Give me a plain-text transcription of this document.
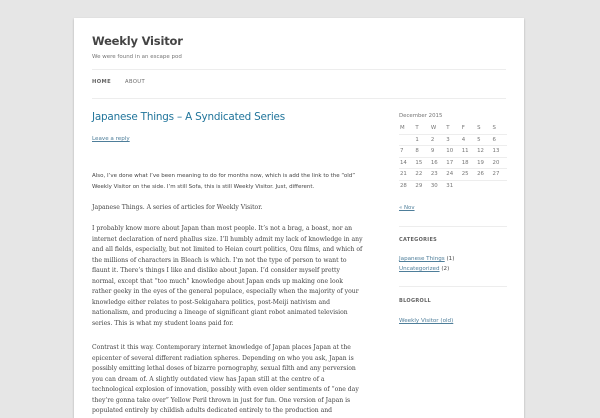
Weekly Visitor
We were found in an escape pod
HOME	ABOUT
Japanese Things – A Syndicated Series
Leave a reply

Also, I’ve done what I’ve been meaning to do for months now, which is add the link to the “old” Weekly Visitor on the side. I’m still Sofa, this is still Weekly Visitor. Just, different.

Japanese Things. A series of articles for Weekly Visitor.

I probably know more about Japan than most people. It’s not a brag, a boast, nor an internet declaration of nerd phallus size. I’ll humbly admit my lack of knowledge in any and all fields, especially, but not limited to Heian court politics, Ozu films, and which of the millions of characters in Bleach is which. I’m not the type of person to want to flaunt it. There’s things I like and dislike about Japan. I’d consider myself pretty normal, except that “too much” knowledge about Japan ends up making one look rather geeky in the eyes of the general populace, especially when the majority of your knowledge either relates to post-Sekigahara politics, post-Meiji nativism and nationalism, and producing a lineage of significant giant robot animated television series. This is what my student loans paid for.

Contrast it this way. Contemporary internet knowledge of Japan places Japan at the epicenter of several different radiation spheres. Depending on who you ask, Japan is possibly emitting lethal doses of bizarre pornography, sexual filth and any perversion you can dream of. A slightly outdated view has Japan still at the centre of a technological explosion of innovation, possibly with even older sentiments of “one day they’re gonna take over” Yellow Peril thrown in just for fun. One version of Japan is populated entirely by childish adults dedicated entirely to the production and

December 2015
M	T	W	T	F	S	S
	1	2	3	4	5	6
7	8	9	10	11	12	13
14	15	16	17	18	19	20
21	22	23	24	25	26	27
28	29	30	31			
« Nov
CATEGORIES
Japanese Things (1)
Uncategorized (2)
BLOGROLL
Weekly Visitor (old)
